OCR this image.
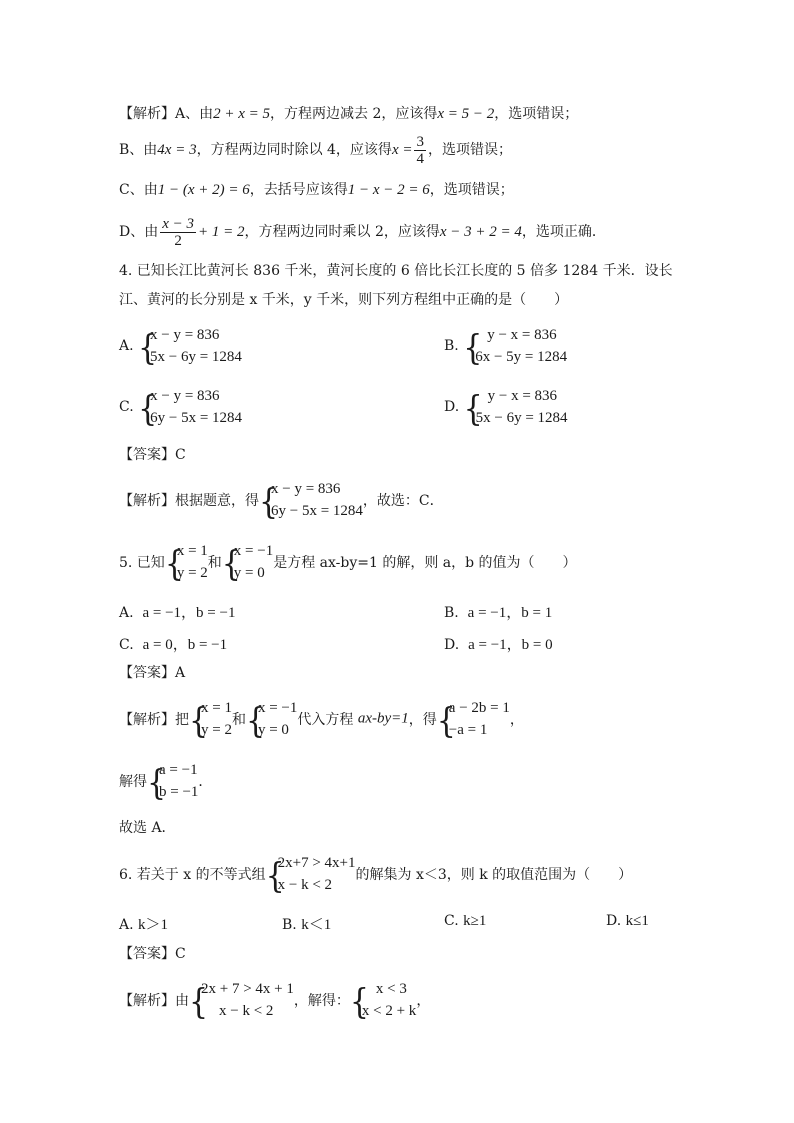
【解析】A、由2 + x = 5，方程两边减去 2，应该得x = 5 − 2，选项错误；
B、由4x = 3，方程两边同时除以 4，应该得$x = \frac{3}{4}$ ，选项错误；
C、由1 − (x + 2) = 6，去括号应该得1 − x − 2 = 6，选项错误；
D、由 $\frac{x - 3}{2} + 1 = 2$，方程两边同时乘以 2，应该得x − 3 + 2 = 4，选项正确．
4. 已知长江比黄河长 836 千米，黄河长度的 6 倍比长江长度的 5 倍多 1284 千米．设长
江、黄河的长分别是 x 千米，y 千米，则下列方程组中正确的是（　　）
A. {
x − y = 836
5x − 6y = 1284
B. { y − x = 836
6x − 5y = 1284
C. {
x − y = 836
6y − 5x = 1284
D. { y − x = 836
5x − 6y = 1284
【答案】C
【解析】根据题意，得 {
x − y = 836
6y − 5x = 1284
，故选：C．
5. 已知 {
x = 1
y = 2
和 {
x = −1
y = 0
是方程 ax-by=1 的解，则 a，b 的值为（　　）
A. a = −1，b = −1	B. a = −1，b = 1
C. a = 0，b = −1	D. a = −1，b = 0
【答案】A
【解析】把 {
x = 1
y = 2
和 {
x = −1
y = 0
代入方程 ax-by=1，得 {
a − 2b = 1
−a = 1
，
解得 {
a = −1
b = −1
．
故选 A．
6. 若关于 x 的不等式组 {
2x+7 > 4x+1
x − k < 2
的解集为 x＜3，则 k 的取值范围为（　　）
A. k＞1	B. k＜1	C. k≥1	D. k≤1
【答案】C
【解析】由 {
2x + 7 > 4x + 1
x − k < 2
，解得： { x < 3
x < 2 + k
，
